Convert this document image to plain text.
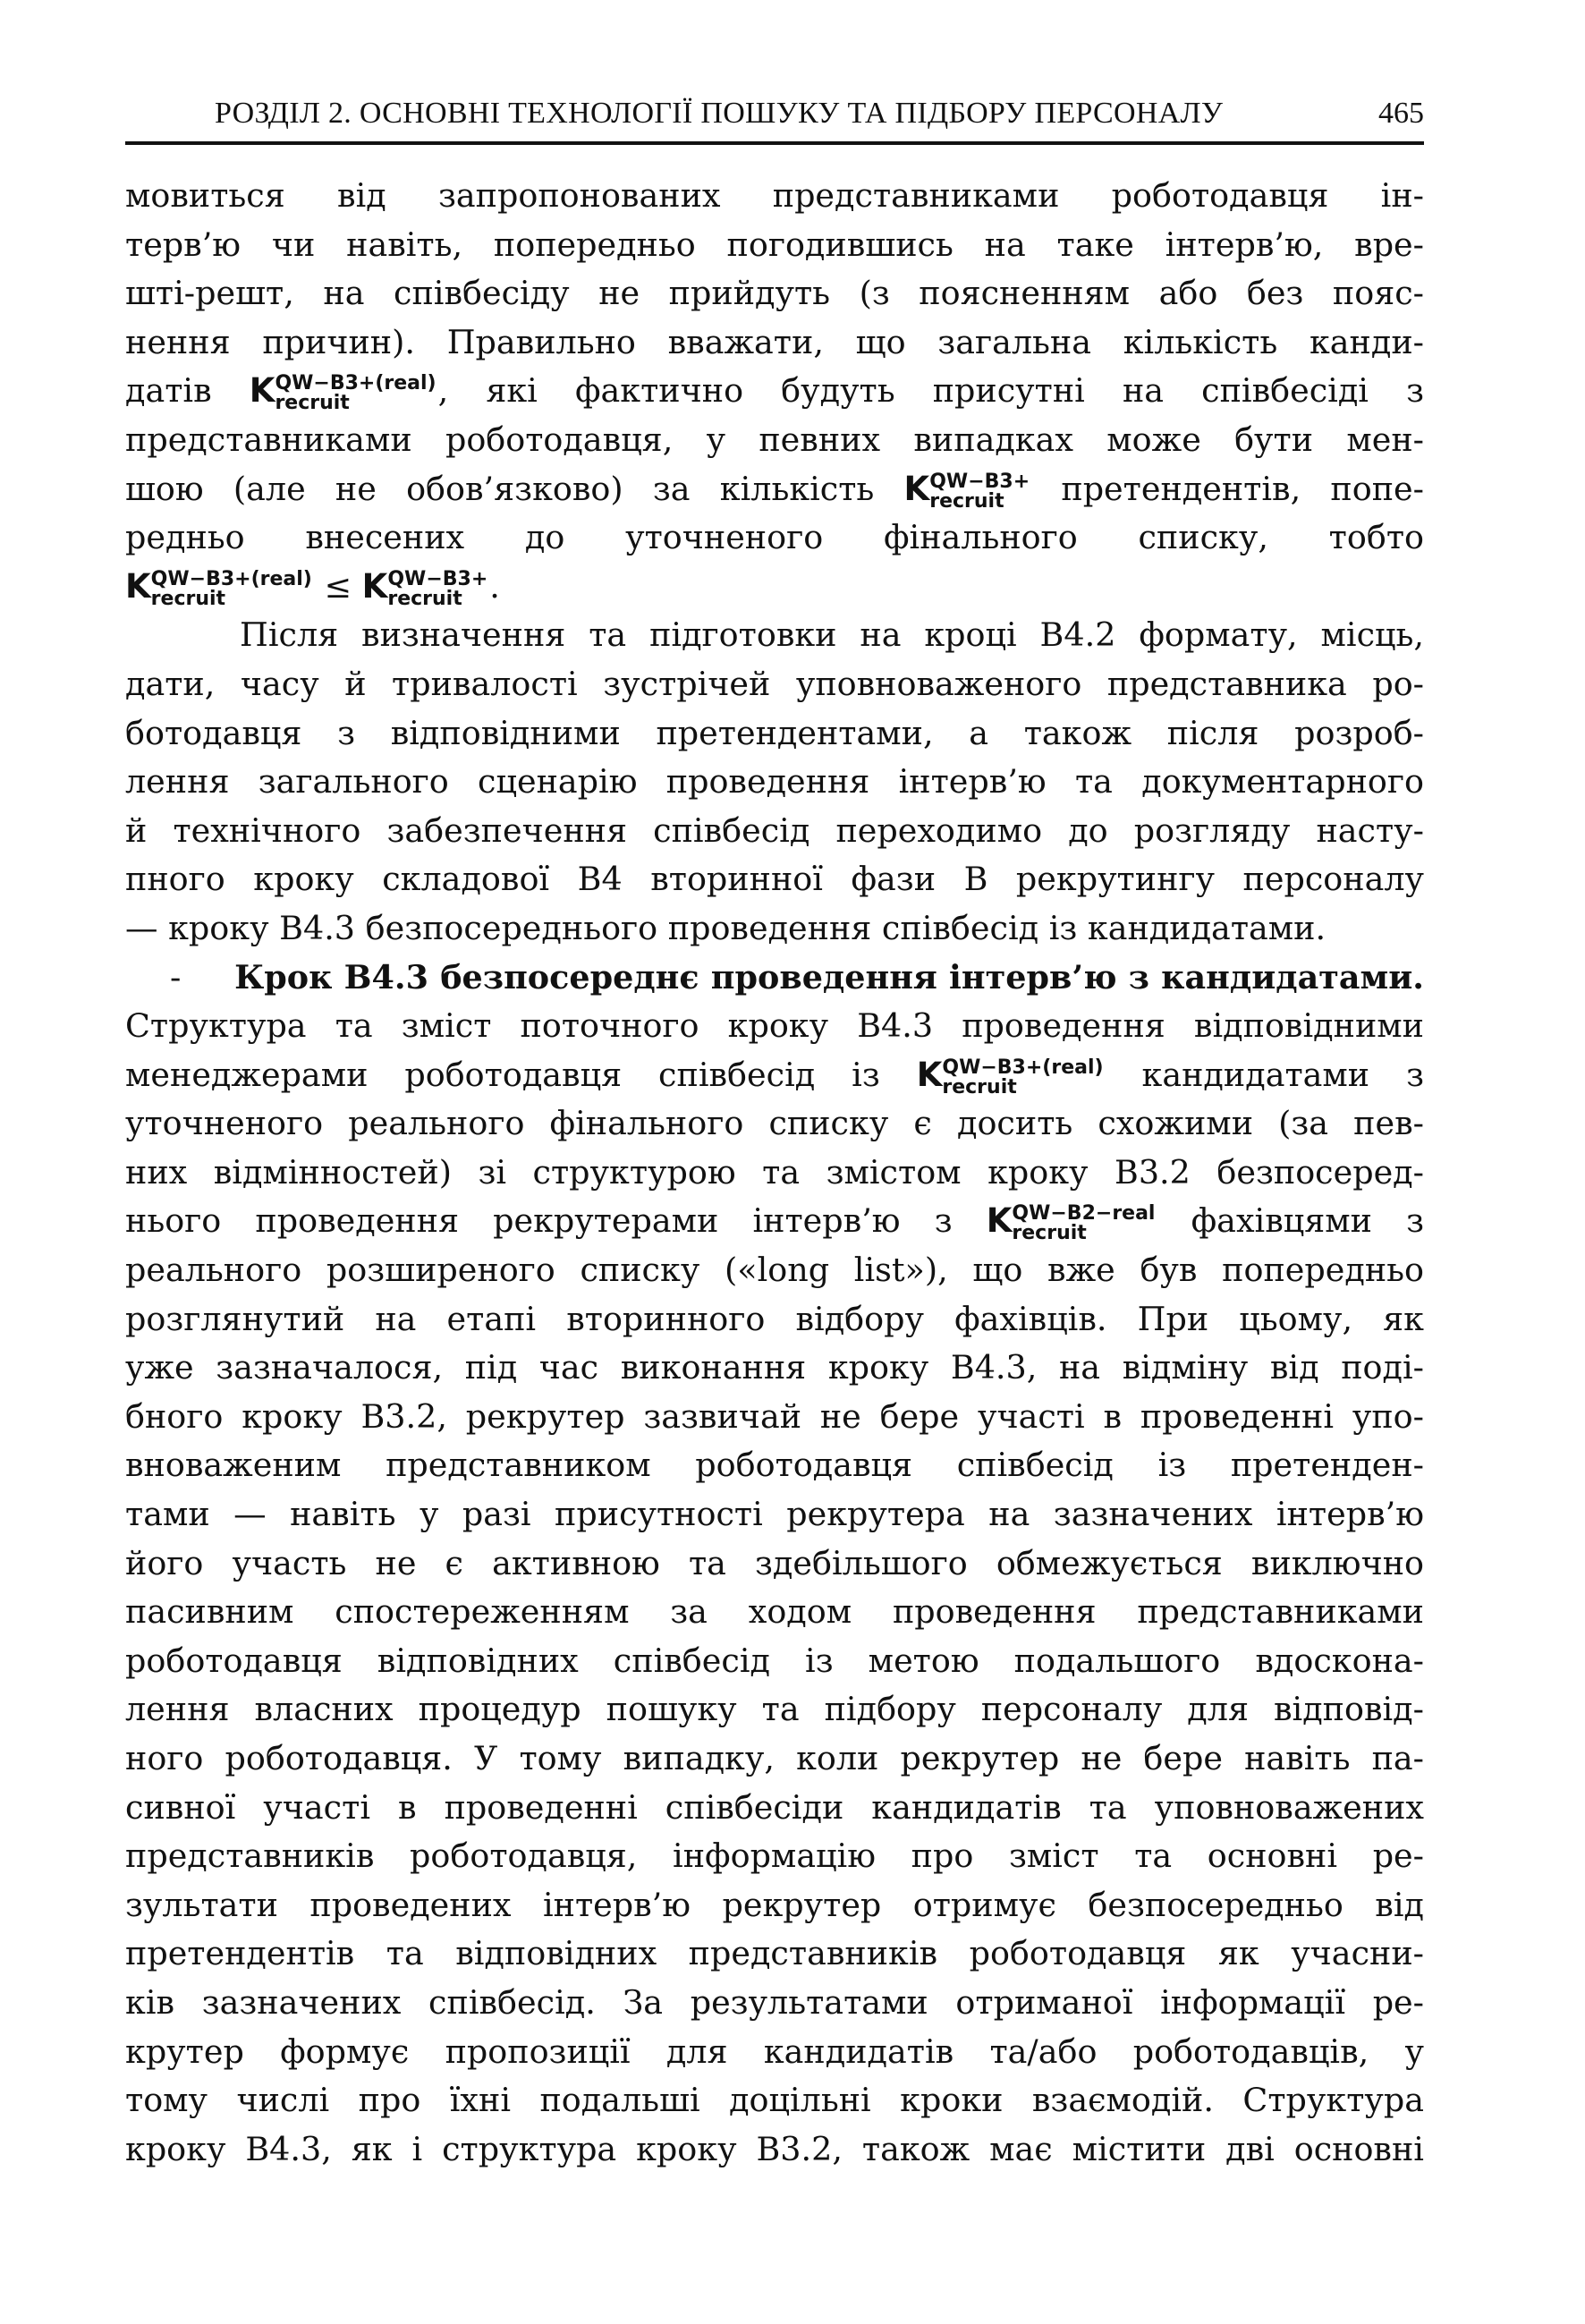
РОЗДІЛ 2. ОСНОВНІ ТЕХНОЛОГІЇ ПОШУКУ ТА ПІДБОРУ ПЕРСОНАЛУ	465
мовиться від запропонованих представниками роботодавця ін-
терв’ю чи навіть, попередньо погодившись на таке інтерв’ю, вре-
шті-решт, на співбесіду не прийдуть (з поясненням або без пояс-
нення причин). Правильно вважати, що загальна кількість канди-
датів K QW−B3+(real)
recruit	, які фактично будуть присутні на співбесіді з
представниками роботодавця, у певних випадках може бути мен-
шою (але не обов’язково) за кількість K QW−B3+
recruit претендентів, попе-
редньо внесених до уточненого фінального списку, тобто
K QW−B3+(real)
recruit	≤ K QW−B3+
recruit .
Після визначення та підготовки на кроці В4.2 формату, місць,
дати, часу й тривалості зустрічей уповноваженого представника ро-
ботодавця з відповідними претендентами, а також після розроб-
лення загального сценарію проведення інтерв’ю та документарного
й технічного забезпечення співбесід переходимо до розгляду насту-
пного кроку складової В4 вторинної фази В рекрутингу персоналу
— кроку В4.3 безпосереднього проведення співбесід із кандидатами.
- Крок В4.3 безпосереднє проведення інтерв’ю з кандидатами.
Структура та зміст поточного кроку В4.3 проведення відповідними
менеджерами роботодавця співбесід із K QW−B3+(real)
recruit	кандидатами з
уточненого реального фінального списку є досить схожими (за пев-
них відмінностей) зі структурою та змістом кроку В3.2 безпосеред-
нього проведення рекрутерами інтерв’ю з K QW−B2−real
recruit	фахівцями з
реального розширеного списку («long list»), що вже був попередньо
розглянутий на етапі вторинного відбору фахівців. При цьому, як
уже зазначалося, під час виконання кроку В4.3, на відміну від поді-
бного кроку В3.2, рекрутер зазвичай не бере участі в проведенні упо-
вноваженим представником роботодавця співбесід із претенден-
тами — навіть у разі присутності рекрутера на зазначених інтерв’ю
його участь не є активною та здебільшого обмежується виключно
пасивним спостереженням за ходом проведення представниками
роботодавця відповідних співбесід із метою подальшого вдоскона-
лення власних процедур пошуку та підбору персоналу для відповід-
ного роботодавця. У тому випадку, коли рекрутер не бере навіть па-
сивної участі в проведенні співбесіди кандидатів та уповноважених
представників роботодавця, інформацію про зміст та основні ре-
зультати проведених інтерв’ю рекрутер отримує безпосередньо від
претендентів та відповідних представників роботодавця як учасни-
ків зазначених співбесід. За результатами отриманої інформації ре-
крутер формує пропозиції для кандидатів та/або роботодавців, у
тому числі про їхні подальші доцільні кроки взаємодій. Структура
кроку В4.3, як і структура кроку В3.2, також має містити дві основні
